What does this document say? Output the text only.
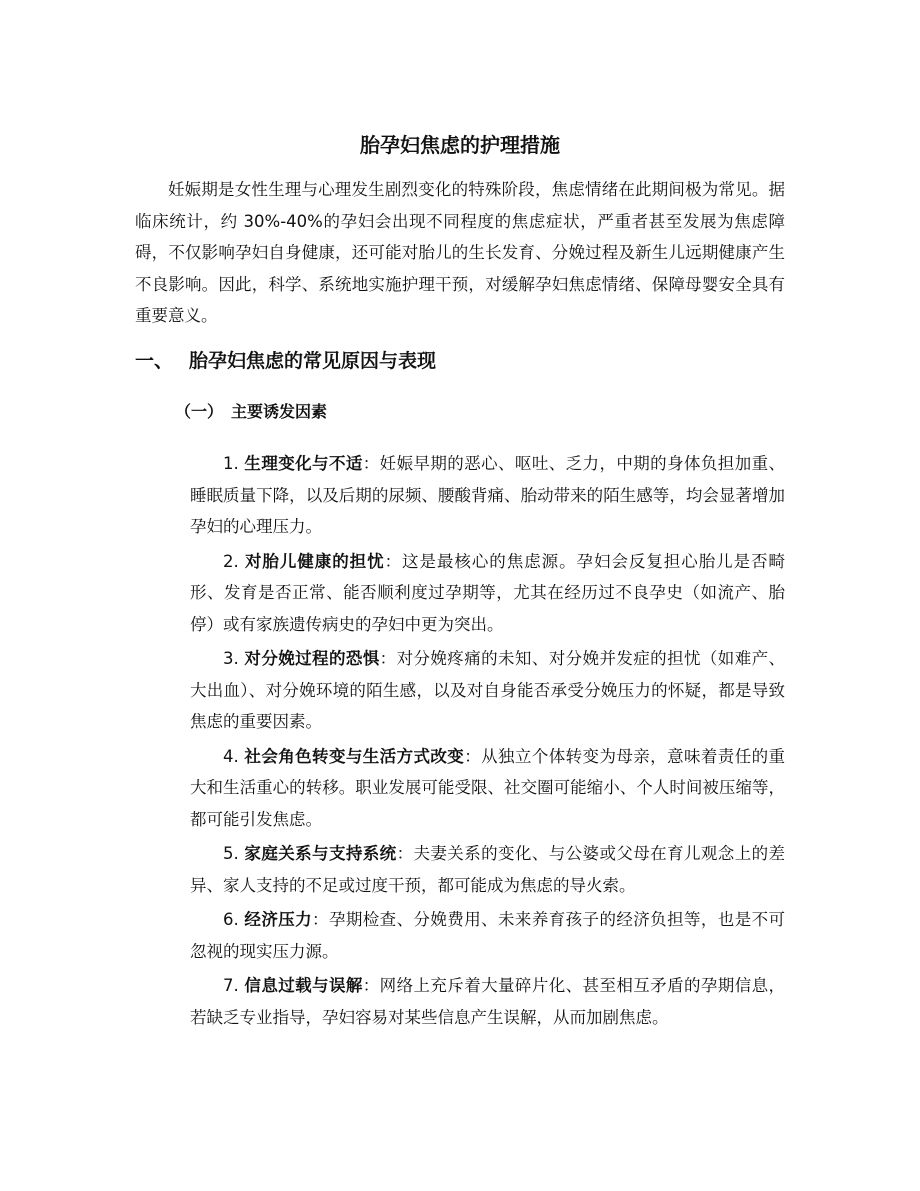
胎孕妇焦虑的护理措施

妊娠期是女性生理与心理发生剧烈变化的特殊阶段，焦虑情绪在此期间极为常见。据临床统计，约 30%-40%的孕妇会出现不同程度的焦虑症状，严重者甚至发展为焦虑障碍，不仅影响孕妇自身健康，还可能对胎儿的生长发育、分娩过程及新生儿远期健康产生不良影响。因此，科学、系统地实施护理干预，对缓解孕妇焦虑情绪、保障母婴安全具有重要意义。

一、 胎孕妇焦虑的常见原因与表现
（一） 主要诱发因素

1. 生理变化与不适：妊娠早期的恶心、呕吐、乏力，中期的身体负担加重、睡眠质量下降，以及后期的尿频、腰酸背痛、胎动带来的陌生感等，均会显著增加孕妇的心理压力。

2. 对胎儿健康的担忧：这是最核心的焦虑源。孕妇会反复担心胎儿是否畸形、发育是否正常、能否顺利度过孕期等，尤其在经历过不良孕史（如流产、胎停）或有家族遗传病史的孕妇中更为突出。

3. 对分娩过程的恐惧：对分娩疼痛的未知、对分娩并发症的担忧（如难产、大出血）、对分娩环境的陌生感，以及对自身能否承受分娩压力的怀疑，都是导致焦虑的重要因素。

4. 社会角色转变与生活方式改变：从独立个体转变为母亲，意味着责任的重大和生活重心的转移。职业发展可能受限、社交圈可能缩小、个人时间被压缩等，都可能引发焦虑。

5. 家庭关系与支持系统：夫妻关系的变化、与公婆或父母在育儿观念上的差异、家人支持的不足或过度干预，都可能成为焦虑的导火索。

6. 经济压力：孕期检查、分娩费用、未来养育孩子的经济负担等，也是不可忽视的现实压力源。

7. 信息过载与误解：网络上充斥着大量碎片化、甚至相互矛盾的孕期信息，若缺乏专业指导，孕妇容易对某些信息产生误解，从而加剧焦虑。
